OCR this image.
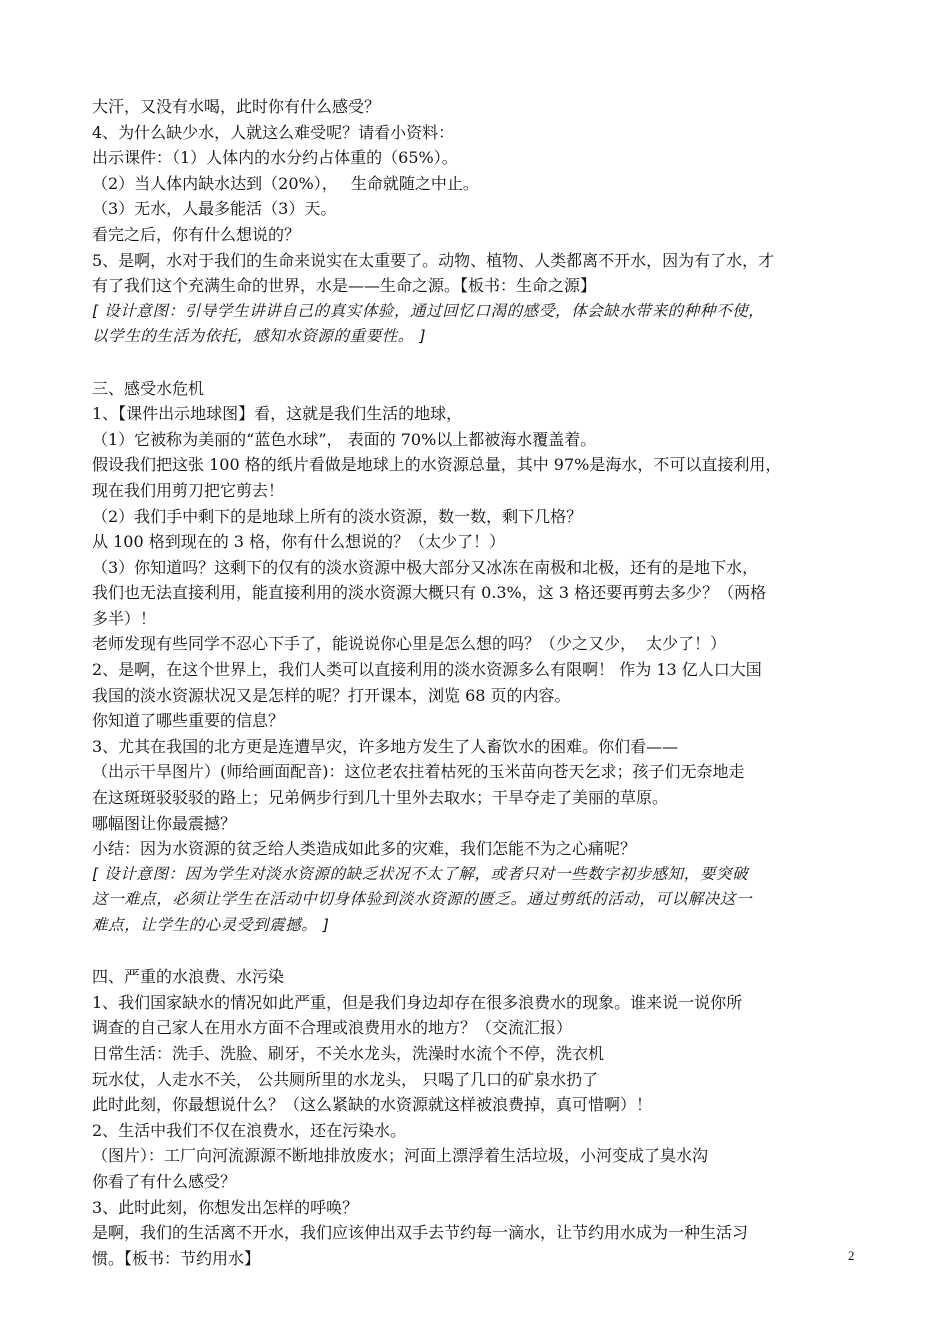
大汗，又没有水喝，此时你有什么感受？

4、为什么缺少水，人就这么难受呢？请看小资料：

出示课件：（1）人体内的水分约占体重的（65%）。

（2）当人体内缺水达到（20%），　 生命就随之中止。

（3）无水，人最多能活（3）天。

看完之后，你有什么想说的？

5、是啊，水对于我们的生命来说实在太重要了。动物、植物、人类都离不开水，因为有了水，才

有了我们这个充满生命的世界，水是——生命之源。【板书：生命之源】

[ 设计意图：引导学生讲讲自己的真实体验，通过回忆口渴的感受，体会缺水带来的种种不使，

以学生的生活为依托，感知水资源的重要性。 ]

三、感受水危机

1、【课件出示地球图】看，这就是我们生活的地球，

（1）它被称为美丽的“蓝色水球”， 表面的 70%以上都被海水覆盖着。

假设我们把这张 100 格的纸片看做是地球上的水资源总量，其中 97%是海水，不可以直接利用，

现在我们用剪刀把它剪去！

（2）我们手中剩下的是地球上所有的淡水资源，数一数，剩下几格？

从 100 格到现在的 3 格，你有什么想说的？（太少了！）

（3）你知道吗？这剩下的仅有的淡水资源中极大部分又冰冻在南极和北极，还有的是地下水，

我们也无法直接利用，能直接利用的淡水资源大概只有 0.3%，这 3 格还要再剪去多少？（两格

多半）！

老师发现有些同学不忍心下手了，能说说你心里是怎么想的吗？（少之又少，  太少了！）

2、是啊，在这个世界上，我们人类可以直接利用的淡水资源多么有限啊！ 作为 13 亿人口大国

我国的淡水资源状况又是怎样的呢？打开课本，浏览 68 页的内容。

你知道了哪些重要的信息？

3、尤其在我国的北方更是连遭旱灾，许多地方发生了人畜饮水的困难。你们看——

（出示干旱图片）(师给画面配音)：这位老农拄着枯死的玉米苗向苍天乞求；孩子们无奈地走

在这斑斑驳驳驳的路上；兄弟俩步行到几十里外去取水；干旱夺走了美丽的草原。

哪幅图让你最震撼？

小结：因为水资源的贫乏给人类造成如此多的灾难，我们怎能不为之心痛呢？

[ 设计意图：因为学生对淡水资源的缺乏状况不太了解，或者只对一些数字初步感知，要突破

这一难点，必须让学生在活动中切身体验到淡水资源的匮乏。通过剪纸的活动，可以解决这一

难点，让学生的心灵受到震撼。 ]

四、严重的水浪费、水污染

1、我们国家缺水的情况如此严重，但是我们身边却存在很多浪费水的现象。谁来说一说你所

调查的自己家人在用水方面不合理或浪费用水的地方？（交流汇报）

日常生活：洗手、洗脸、刷牙，不关水龙头，洗澡时水流个不停，洗衣机

玩水仗，人走水不关， 公共厕所里的水龙头， 只喝了几口的矿泉水扔了

此时此刻，你最想说什么？（这么紧缺的水资源就这样被浪费掉，真可惜啊）！

2、生活中我们不仅在浪费水，还在污染水。

（图片）：工厂向河流源源不断地排放废水；河面上漂浮着生活垃圾，小河变成了臭水沟

你看了有什么感受？

3、此时此刻，你想发出怎样的呼唤？

是啊，我们的生活离不开水，我们应该伸出双手去节约每一滴水，让节约用水成为一种生活习

惯。【板书：节约用水】	2
